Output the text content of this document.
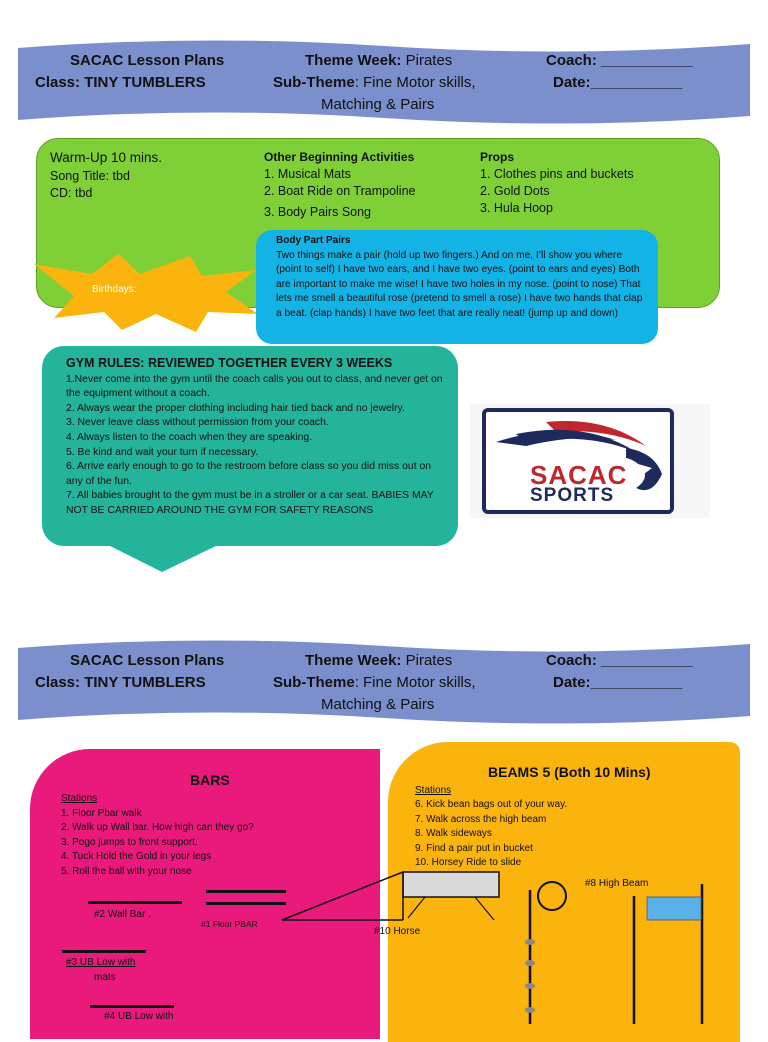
SACAC Lesson Plans
Class: TINY TUMBLERS
Theme Week: Pirates
Sub-Theme: Fine Motor skills,
Matching & Pairs
Coach: ___________
Date:___________
Warm-Up 10 mins.
Song Title: tbd
CD: tbd
Other Beginning Activities
1. Musical Mats
2. Boat Ride on Trampoline
3. Body Pairs Song
Props
1. Clothes pins and buckets
2. Gold Dots
3. Hula Hoop
Birthdays:
Body Part Pairs
Two things make a pair (hold up two fingers.) And on me, I’ll show you where (point to self) I have two ears, and I have two eyes. (point to ears and eyes) Both are important to make me wise! I have two holes in my nose. (point to nose) That lets me smell a beautiful rose (pretend to smell a rose) I have two hands that clap a beat. (clap hands) I have two feet that are really neat! (jump up and down)
GYM RULES: REVIEWED TOGETHER EVERY 3 WEEKS
1.Never come into the gym until the coach calls you out to class, and never get on the equipment without a coach.
2. Always wear the proper clothing including hair tied back and no jewelry.
3. Never leave class without permission from your coach.
4. Always listen to the coach when they are speaking.
5. Be kind and wait your turn if necessary.
6. Arrive early enough to go to the restroom before class so you did miss out on any of the fun.
7. All babies brought to the gym must be in a stroller or a car seat. BABIES MAY NOT BE CARRIED AROUND THE GYM FOR SAFETY REASONS
SACAC
SPORTS
SACAC Lesson Plans
Class: TINY TUMBLERS
Theme Week: Pirates
Sub-Theme: Fine Motor skills,
Matching & Pairs
Coach: ___________
Date:___________
BARS
Stations
1. Floor Pbar walk
2. Walk up Wall bar. How high can they go?
3. Pogo jumps to front support.
4. Tuck Hold the Gold in your legs
5. Roll the ball with your nose
#2 Wall Bar .
#1 Floor PBAR
#3 UB Low with
mats
#4 UB Low with
BEAMS 5 (Both 10 Mins)
Stations
6. Kick bean bags out of your way.
7. Walk across the high beam
8. Walk sideways
9. Find a pair put in bucket
10. Horsey Ride to slide
#10 Horse
#8 High Beam
